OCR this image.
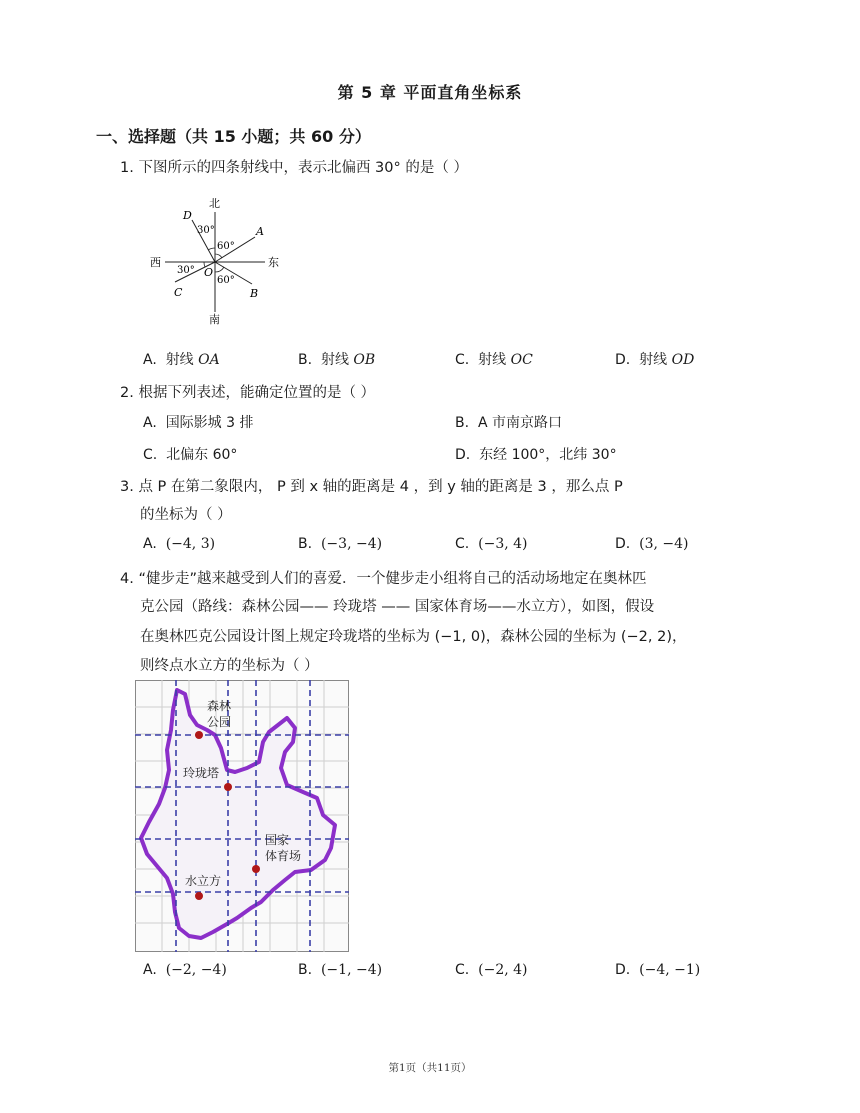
第 5 章 平面直角坐标系
一、选择题（共 15 小题；共 60 分）
1. 下图所示的四条射线中，表示北偏西 30° 的是（ ）
北
南
东
西
A
B
C
D
O
30°
60°
30°
60°
A. 射线 OA	B. 射线 OB	C. 射线 OC	D. 射线 OD
2. 根据下列表述，能确定位置的是（ ）
A. 国际影城 3 排	B. A 市南京路口
C. 北偏东 60°	D. 东经 100°，北纬 30°
3. 点 P 在第二象限内， P 到 x 轴的距离是 4 ，到 y 轴的距离是 3 ，那么点 P
的坐标为（ ）
A. (−4, 3)	B. (−3, −4)	C. (−3, 4)	D. (3, −4)
4. “健步走”越来越受到人们的喜爱．一个健步走小组将自己的活动场地定在奥林匹
克公园（路线：森林公园—— 玲珑塔 —— 国家体育场——水立方），如图，假设
在奥林匹克公园设计图上规定玲珑塔的坐标为 (−1, 0)，森林公园的坐标为 (−2, 2)，
则终点水立方的坐标为（ ）
森林
公园
玲珑塔
国家
体育场
水立方
A. (−2, −4)	B. (−1, −4)	C. (−2, 4)	D. (−4, −1)
第1页（共11页）
